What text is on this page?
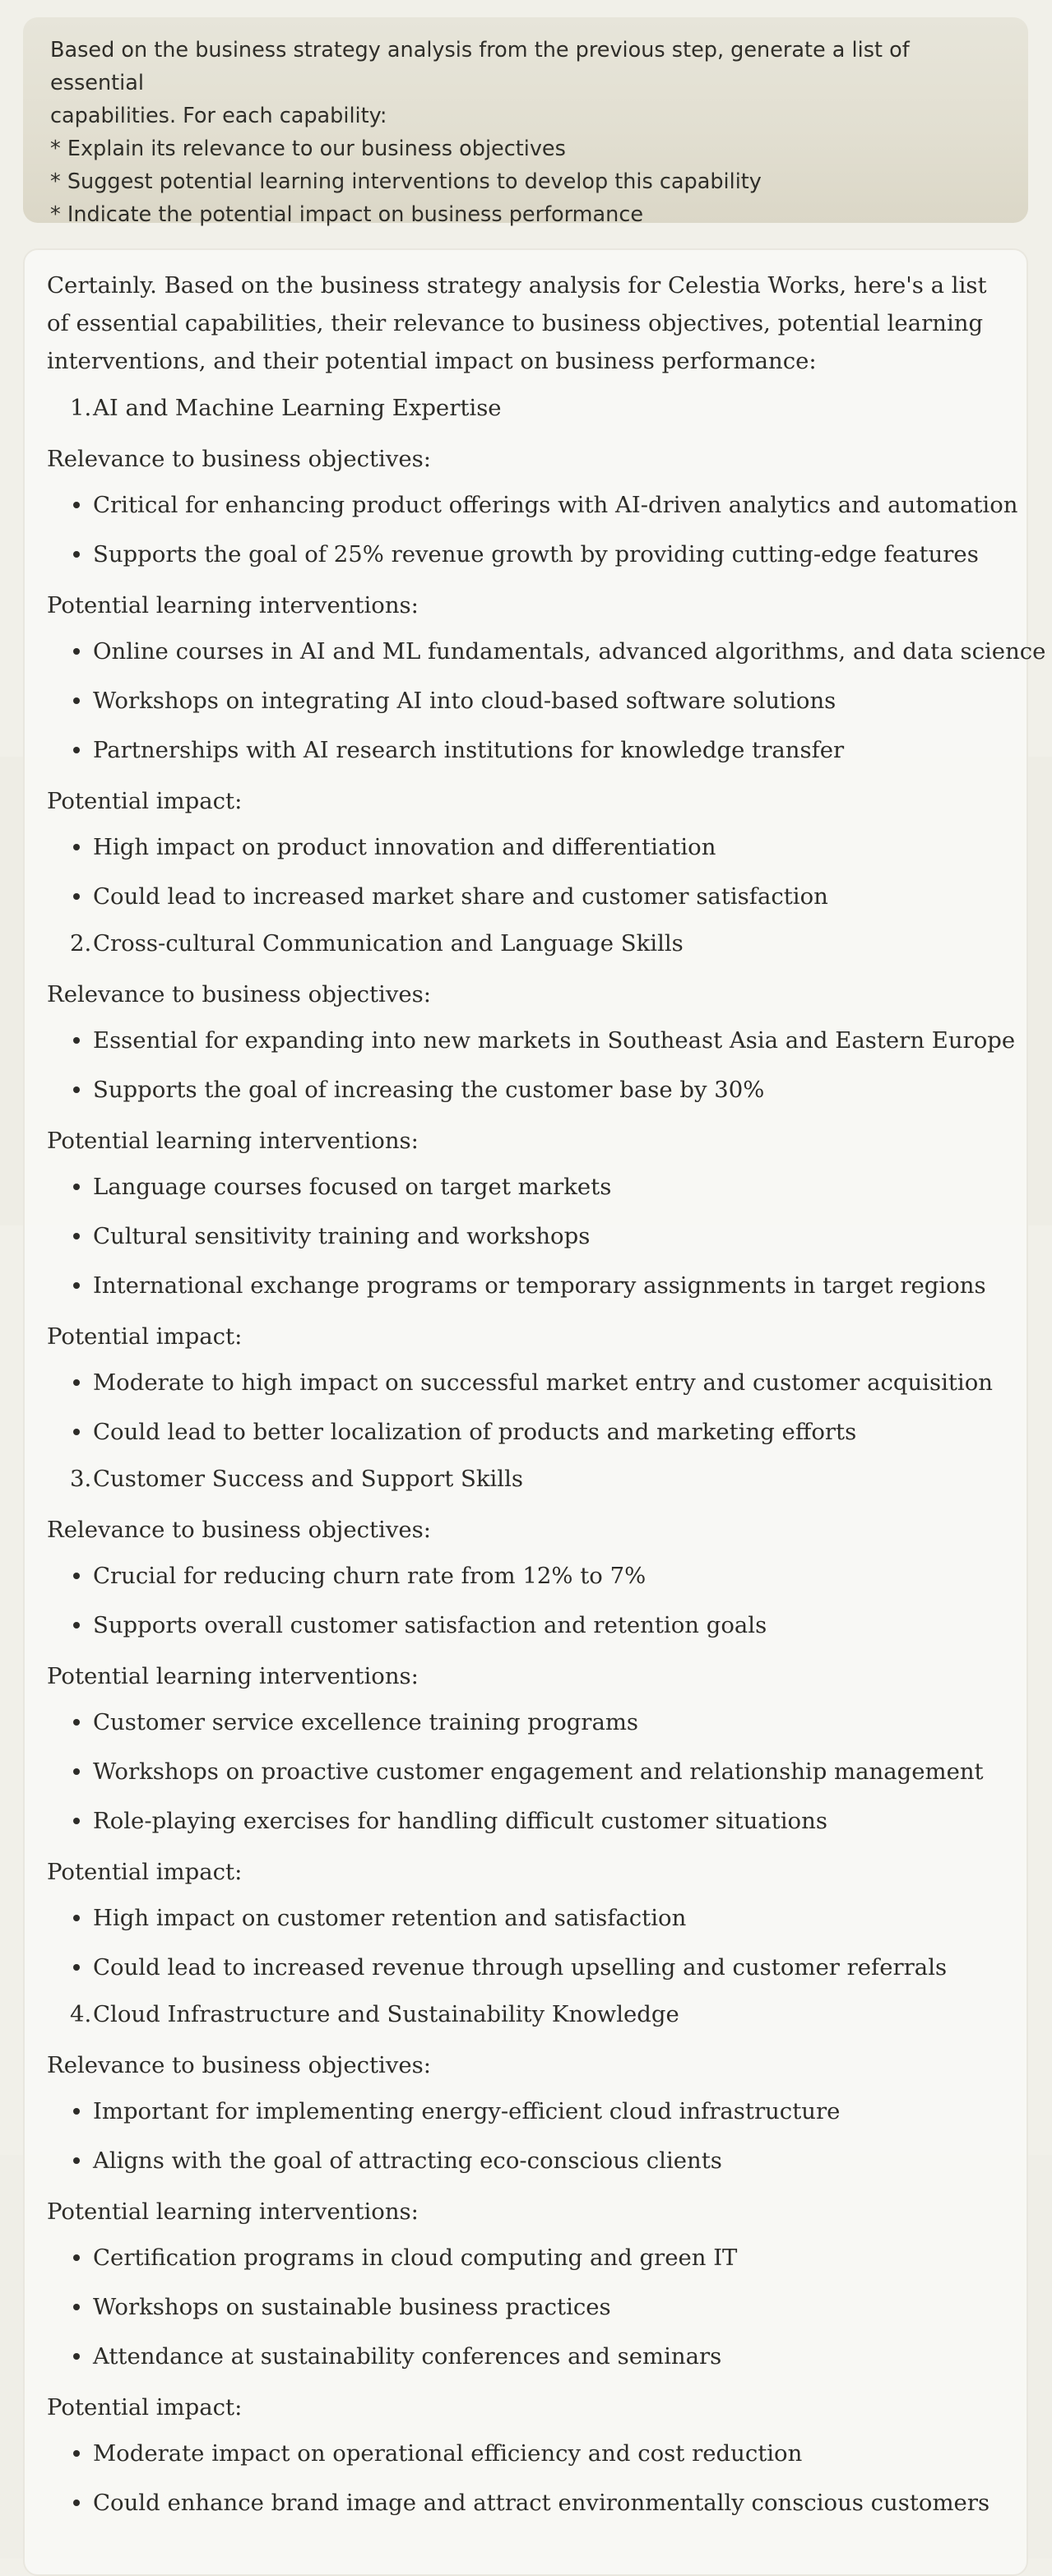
Based on the business strategy analysis from the previous step, generate a list of essential

capabilities. For each capability:

* Explain its relevance to our business objectives

* Suggest potential learning interventions to develop this capability

* Indicate the potential impact on business performance

Certainly. Based on the business strategy analysis for Celestia Works, here's a list of essential capabilities, their relevance to business objectives, potential learning interventions, and their potential impact on business performance:

1. AI and Machine Learning Expertise

Relevance to business objectives:

Critical for enhancing product offerings with AI-driven analytics and automation
Supports the goal of 25% revenue growth by providing cutting-edge features

Potential learning interventions:

Online courses in AI and ML fundamentals, advanced algorithms, and data science
Workshops on integrating AI into cloud-based software solutions
Partnerships with AI research institutions for knowledge transfer

Potential impact:

High impact on product innovation and differentiation
Could lead to increased market share and customer satisfaction
2. Cross-cultural Communication and Language Skills

Relevance to business objectives:

Essential for expanding into new markets in Southeast Asia and Eastern Europe
Supports the goal of increasing the customer base by 30%

Potential learning interventions:

Language courses focused on target markets
Cultural sensitivity training and workshops
International exchange programs or temporary assignments in target regions

Potential impact:

Moderate to high impact on successful market entry and customer acquisition
Could lead to better localization of products and marketing efforts
3. Customer Success and Support Skills

Relevance to business objectives:

Crucial for reducing churn rate from 12% to 7%
Supports overall customer satisfaction and retention goals

Potential learning interventions:

Customer service excellence training programs
Workshops on proactive customer engagement and relationship management
Role-playing exercises for handling difficult customer situations

Potential impact:

High impact on customer retention and satisfaction
Could lead to increased revenue through upselling and customer referrals
4. Cloud Infrastructure and Sustainability Knowledge

Relevance to business objectives:

Important for implementing energy-efficient cloud infrastructure
Aligns with the goal of attracting eco-conscious clients

Potential learning interventions:

Certification programs in cloud computing and green IT
Workshops on sustainable business practices
Attendance at sustainability conferences and seminars

Potential impact:

Moderate impact on operational efficiency and cost reduction
Could enhance brand image and attract environmentally conscious customers
